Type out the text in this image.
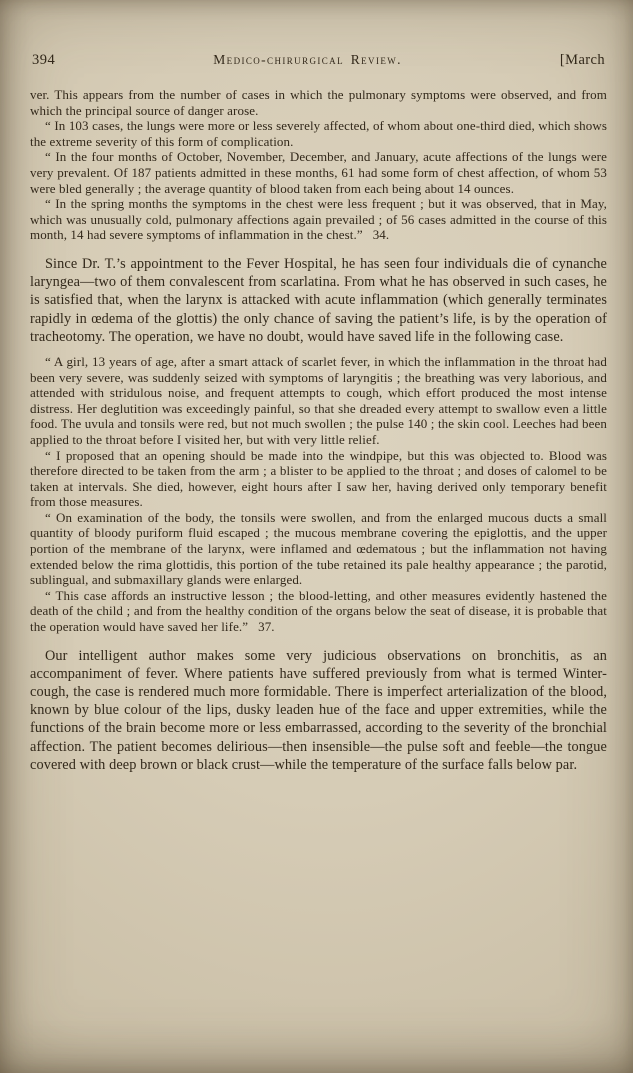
394	Medico-chirurgical Review.	[March

ver. This appears from the number of cases in which the pulmonary symptoms were observed, and from which the principal source of danger arose.

“ In 103 cases, the lungs were more or less severely affected, of whom about one-third died, which shows the extreme severity of this form of complication.

“ In the four months of October, November, December, and January, acute affections of the lungs were very prevalent. Of 187 patients admitted in these months, 61 had some form of chest affection, of whom 53 were bled generally ; the average quantity of blood taken from each being about 14 ounces.

“ In the spring months the symptoms in the chest were less frequent ; but it was observed, that in May, which was unusually cold, pulmonary affections again prevailed ; of 56 cases admitted in the course of this month, 14 had severe symptoms of inflammation in the chest.”  34.

Since Dr. T.’s appointment to the Fever Hospital, he has seen four individuals die of cynanche laryngea—two of them convalescent from scarlatina. From what he has observed in such cases, he is satisfied that, when the larynx is attacked with acute inflammation (which generally terminates rapidly in œdema of the glottis) the only chance of saving the patient’s life, is by the operation of tracheotomy. The operation, we have no doubt, would have saved life in the following case.

“ A girl, 13 years of age, after a smart attack of scarlet fever, in which the inflammation in the throat had been very severe, was suddenly seized with symptoms of laryngitis ; the breathing was very laborious, and attended with stridulous noise, and frequent attempts to cough, which effort produced the most intense distress. Her deglutition was exceedingly painful, so that she dreaded every attempt to swallow even a little food. The uvula and tonsils were red, but not much swollen ; the pulse 140 ; the skin cool. Leeches had been applied to the throat before I visited her, but with very little relief.

“ I proposed that an opening should be made into the windpipe, but this was objected to. Blood was therefore directed to be taken from the arm ; a blister to be applied to the throat ; and doses of calomel to be taken at intervals. She died, however, eight hours after I saw her, having derived only temporary benefit from those measures.

“ On examination of the body, the tonsils were swollen, and from the enlarged mucous ducts a small quantity of bloody puriform fluid escaped ; the mucous membrane covering the epiglottis, and the upper portion of the membrane of the larynx, were inflamed and œdematous ; but the inflammation not having extended below the rima glottidis, this portion of the tube retained its pale healthy appearance ; the parotid, sublingual, and submaxillary glands were enlarged.

“ This case affords an instructive lesson ; the blood-letting, and other measures evidently hastened the death of the child ; and from the healthy condition of the organs below the seat of disease, it is probable that the operation would have saved her life.”  37.

Our intelligent author makes some very judicious observations on bronchitis, as an accompaniment of fever. Where patients have suffered previously from what is termed Winter-cough, the case is rendered much more formidable. There is imperfect arterialization of the blood, known by blue colour of the lips, dusky leaden hue of the face and upper extremities, while the functions of the brain become more or less embarrassed, according to the severity of the bronchial affection. The patient becomes delirious—then insensible—the pulse soft and feeble—the tongue covered with deep brown or black crust—while the temperature of the surface falls below par.
